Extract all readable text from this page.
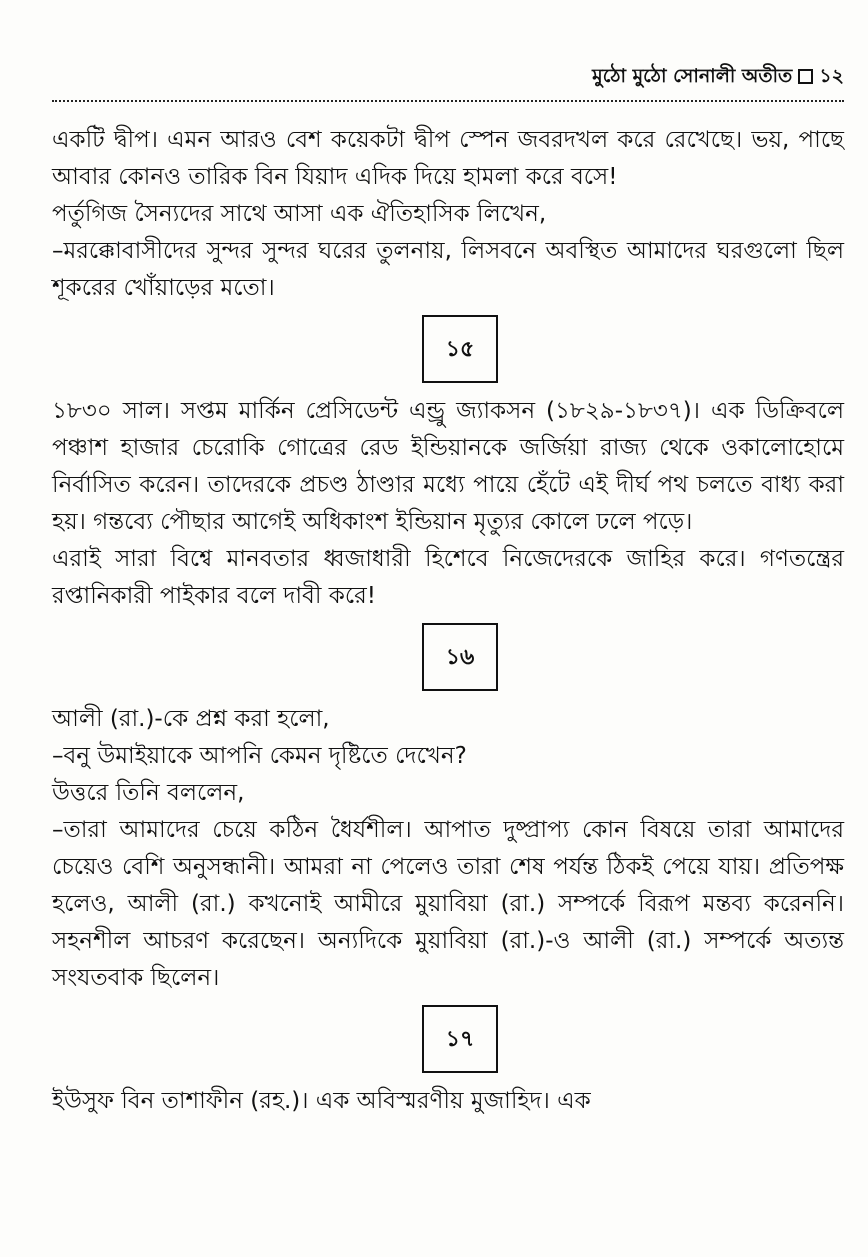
মুঠো মুঠো সোনালী অতীত ১২

একটি দ্বীপ। এমন আরও বেশ কয়েকটা দ্বীপ স্পেন জবরদখল করে রেখেছে। ভয়, পাছে আবার কোনও তারিক বিন যিয়াদ এদিক দিয়ে হামলা করে বসে!

পর্তুগিজ সৈন্যদের সাথে আসা এক ঐতিহাসিক লিখেন,

–মরক্কোবাসীদের সুন্দর সুন্দর ঘরের তুলনায়, লিসবনে অবস্থিত আমাদের ঘরগুলো ছিল শূকরের খোঁয়াড়ের মতো।

১৫

১৮৩০ সাল। সপ্তম মার্কিন প্রেসিডেন্ট এন্ড্রু জ্যাকসন (১৮২৯-১৮৩৭)। এক ডিক্রিবলে পঞ্চাশ হাজার চেরোকি গোত্রের রেড ইন্ডিয়ানকে জর্জিয়া রাজ্য থেকে ওকালোহোমে নির্বাসিত করেন। তাদেরকে প্রচণ্ড ঠাণ্ডার মধ্যে পায়ে হেঁটে এই দীর্ঘ পথ চলতে বাধ্য করা হয়। গন্তব্যে পৌছার আগেই অধিকাংশ ইন্ডিয়ান মৃত্যুর কোলে ঢলে পড়ে।

এরাই সারা বিশ্বে মানবতার ধ্বজাধারী হিশেবে নিজেদেরকে জাহির করে। গণতন্ত্রের রপ্তানিকারী পাইকার বলে দাবী করে!

১৬

আলী (রা.)-কে প্রশ্ন করা হলো,

–বনু উমাইয়াকে আপনি কেমন দৃষ্টিতে দেখেন?

উত্তরে তিনি বললেন,

–তারা আমাদের চেয়ে কঠিন ধৈর্যশীল। আপাত দুষ্প্রাপ্য কোন বিষয়ে তারা আমাদের চেয়েও বেশি অনুসন্ধানী। আমরা না পেলেও তারা শেষ পর্যন্ত ঠিকই পেয়ে যায়। প্রতিপক্ষ হলেও, আলী (রা.) কখনোই আমীরে মুয়াবিয়া (রা.) সম্পর্কে বিরূপ মন্তব্য করেননি। সহনশীল আচরণ করেছেন। অন্যদিকে মুয়াবিয়া (রা.)-ও আলী (রা.) সম্পর্কে অত্যন্ত সংযতবাক ছিলেন।

১৭

ইউসুফ বিন তাশাফীন (রহ.)। এক অবিস্মরণীয় মুজাহিদ। এক
